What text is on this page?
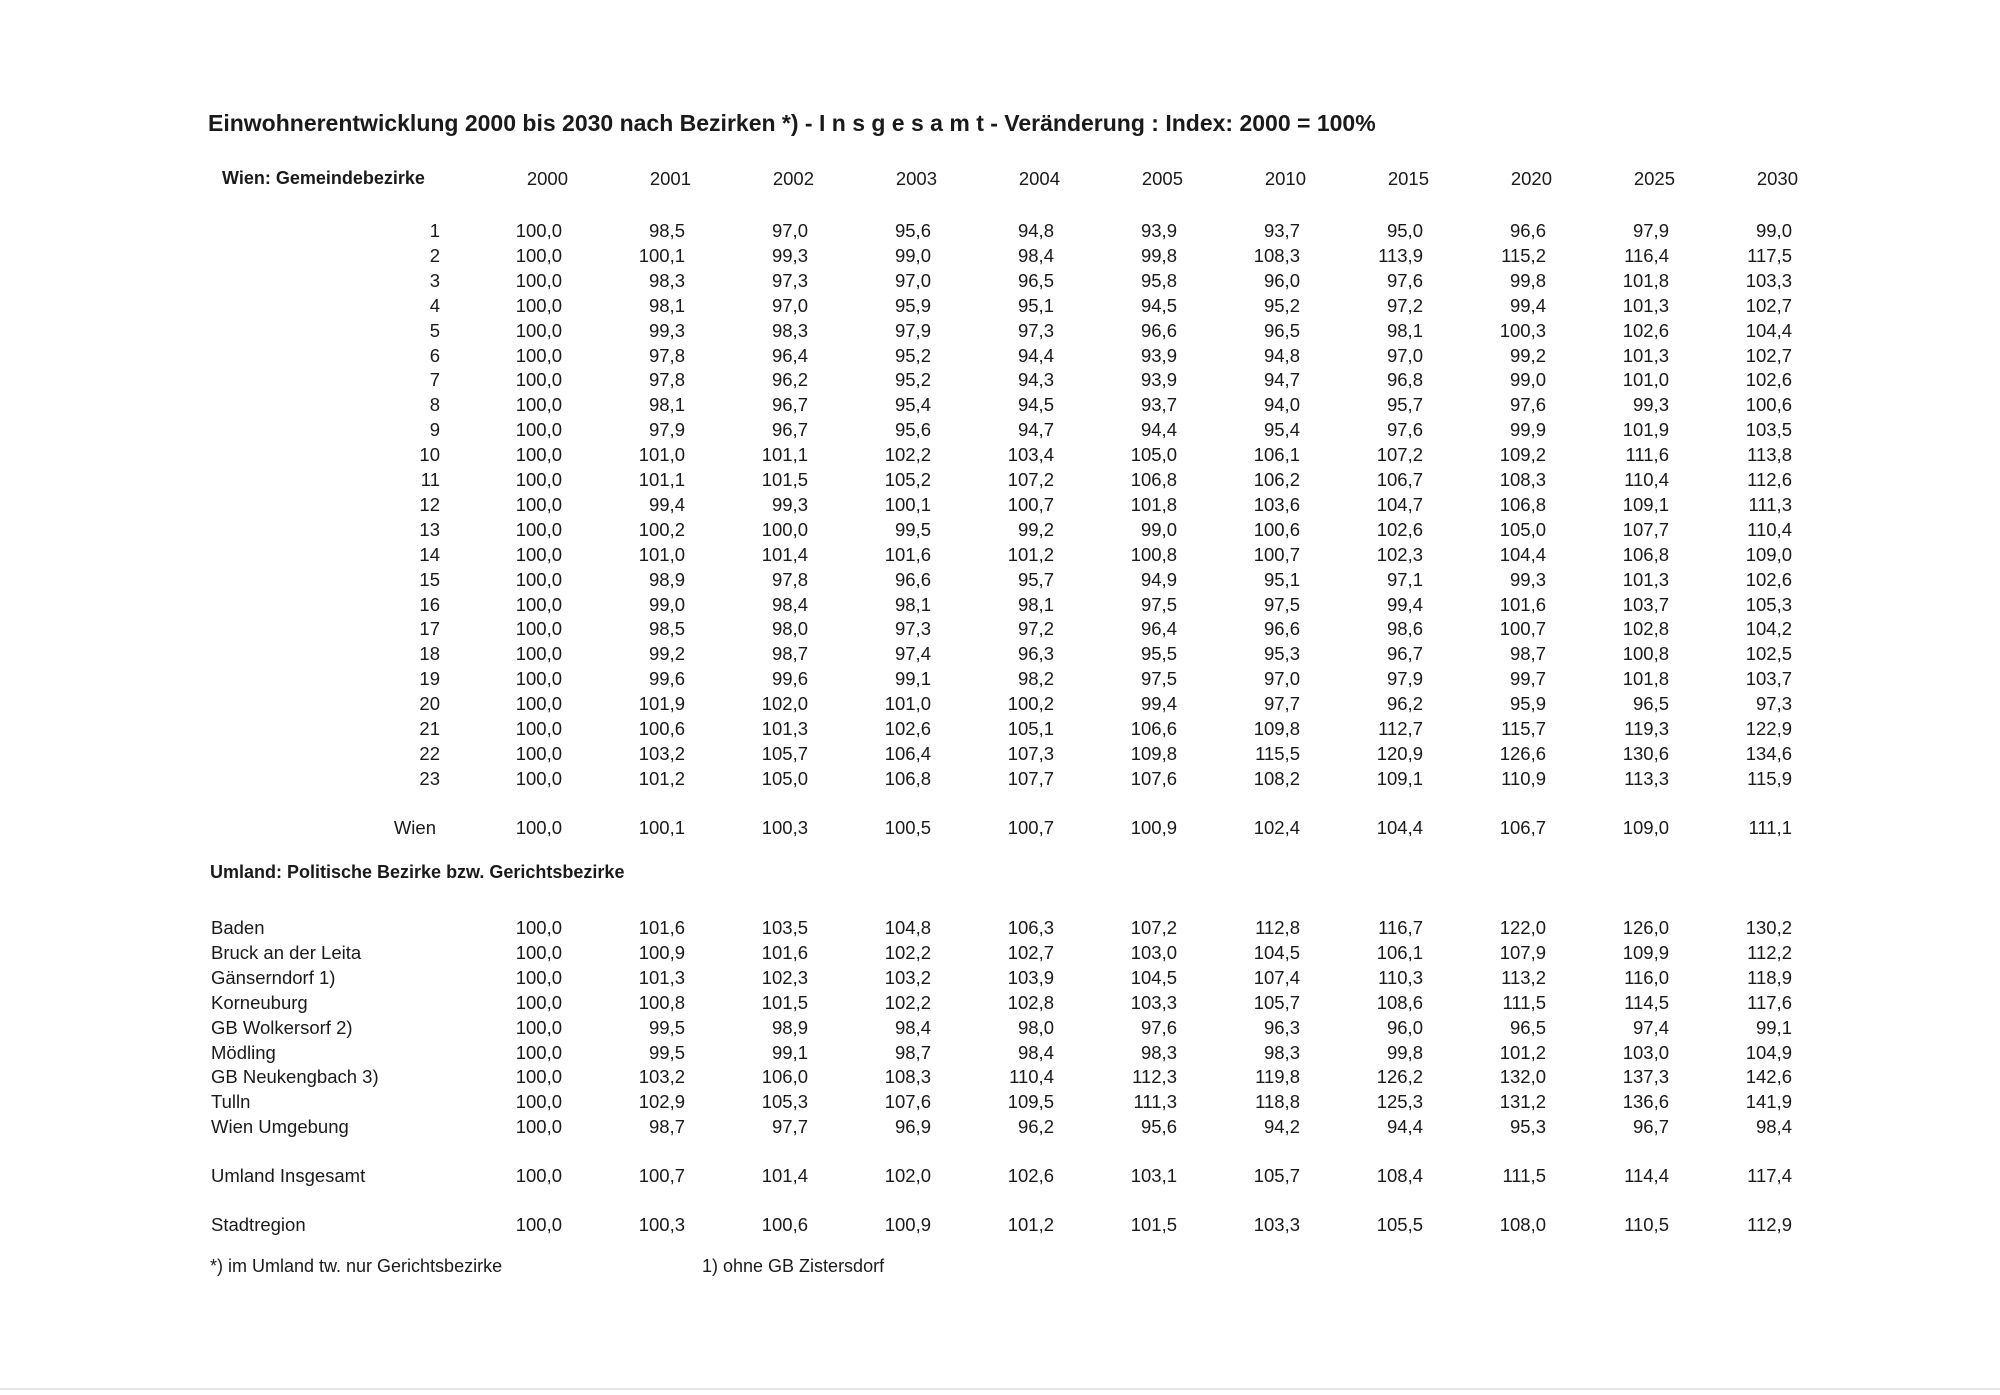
Einwohnerentwicklung 2000 bis 2030 nach Bezirken *) - I n s g e s a m t - Veränderung : Index: 2000 = 100%
Wien: Gemeindebezirke	2000	2001	2002	2003	2004	2005	2010	2015	2020	2025	2030
1	100,0	98,5	97,0	95,6	94,8	93,9	93,7	95,0	96,6	97,9	99,0
2	100,0	100,1	99,3	99,0	98,4	99,8	108,3	113,9	115,2	116,4	117,5
3	100,0	98,3	97,3	97,0	96,5	95,8	96,0	97,6	99,8	101,8	103,3
4	100,0	98,1	97,0	95,9	95,1	94,5	95,2	97,2	99,4	101,3	102,7
5	100,0	99,3	98,3	97,9	97,3	96,6	96,5	98,1	100,3	102,6	104,4
6	100,0	97,8	96,4	95,2	94,4	93,9	94,8	97,0	99,2	101,3	102,7
7	100,0	97,8	96,2	95,2	94,3	93,9	94,7	96,8	99,0	101,0	102,6
8	100,0	98,1	96,7	95,4	94,5	93,7	94,0	95,7	97,6	99,3	100,6
9	100,0	97,9	96,7	95,6	94,7	94,4	95,4	97,6	99,9	101,9	103,5
10	100,0	101,0	101,1	102,2	103,4	105,0	106,1	107,2	109,2	111,6	113,8
11	100,0	101,1	101,5	105,2	107,2	106,8	106,2	106,7	108,3	110,4	112,6
12	100,0	99,4	99,3	100,1	100,7	101,8	103,6	104,7	106,8	109,1	111,3
13	100,0	100,2	100,0	99,5	99,2	99,0	100,6	102,6	105,0	107,7	110,4
14	100,0	101,0	101,4	101,6	101,2	100,8	100,7	102,3	104,4	106,8	109,0
15	100,0	98,9	97,8	96,6	95,7	94,9	95,1	97,1	99,3	101,3	102,6
16	100,0	99,0	98,4	98,1	98,1	97,5	97,5	99,4	101,6	103,7	105,3
17	100,0	98,5	98,0	97,3	97,2	96,4	96,6	98,6	100,7	102,8	104,2
18	100,0	99,2	98,7	97,4	96,3	95,5	95,3	96,7	98,7	100,8	102,5
19	100,0	99,6	99,6	99,1	98,2	97,5	97,0	97,9	99,7	101,8	103,7
20	100,0	101,9	102,0	101,0	100,2	99,4	97,7	96,2	95,9	96,5	97,3
21	100,0	100,6	101,3	102,6	105,1	106,6	109,8	112,7	115,7	119,3	122,9
22	100,0	103,2	105,7	106,4	107,3	109,8	115,5	120,9	126,6	130,6	134,6
23	100,0	101,2	105,0	106,8	107,7	107,6	108,2	109,1	110,9	113,3	115,9
Wien	100,0	100,1	100,3	100,5	100,7	100,9	102,4	104,4	106,7	109,0	111,1
Umland: Politische Bezirke bzw. Gerichtsbezirke
Baden	100,0	101,6	103,5	104,8	106,3	107,2	112,8	116,7	122,0	126,0	130,2
Bruck an der Leita	100,0	100,9	101,6	102,2	102,7	103,0	104,5	106,1	107,9	109,9	112,2
Gänserndorf 1)	100,0	101,3	102,3	103,2	103,9	104,5	107,4	110,3	113,2	116,0	118,9
Korneuburg	100,0	100,8	101,5	102,2	102,8	103,3	105,7	108,6	111,5	114,5	117,6
GB Wolkersorf 2)	100,0	99,5	98,9	98,4	98,0	97,6	96,3	96,0	96,5	97,4	99,1
Mödling	100,0	99,5	99,1	98,7	98,4	98,3	98,3	99,8	101,2	103,0	104,9
GB Neukengbach 3)	100,0	103,2	106,0	108,3	110,4	112,3	119,8	126,2	132,0	137,3	142,6
Tulln	100,0	102,9	105,3	107,6	109,5	111,3	118,8	125,3	131,2	136,6	141,9
Wien Umgebung	100,0	98,7	97,7	96,9	96,2	95,6	94,2	94,4	95,3	96,7	98,4
Umland Insgesamt	100,0	100,7	101,4	102,0	102,6	103,1	105,7	108,4	111,5	114,4	117,4
Stadtregion	100,0	100,3	100,6	100,9	101,2	101,5	103,3	105,5	108,0	110,5	112,9
*) im Umland tw. nur Gerichtsbezirke	1) ohne GB Zistersdorf
